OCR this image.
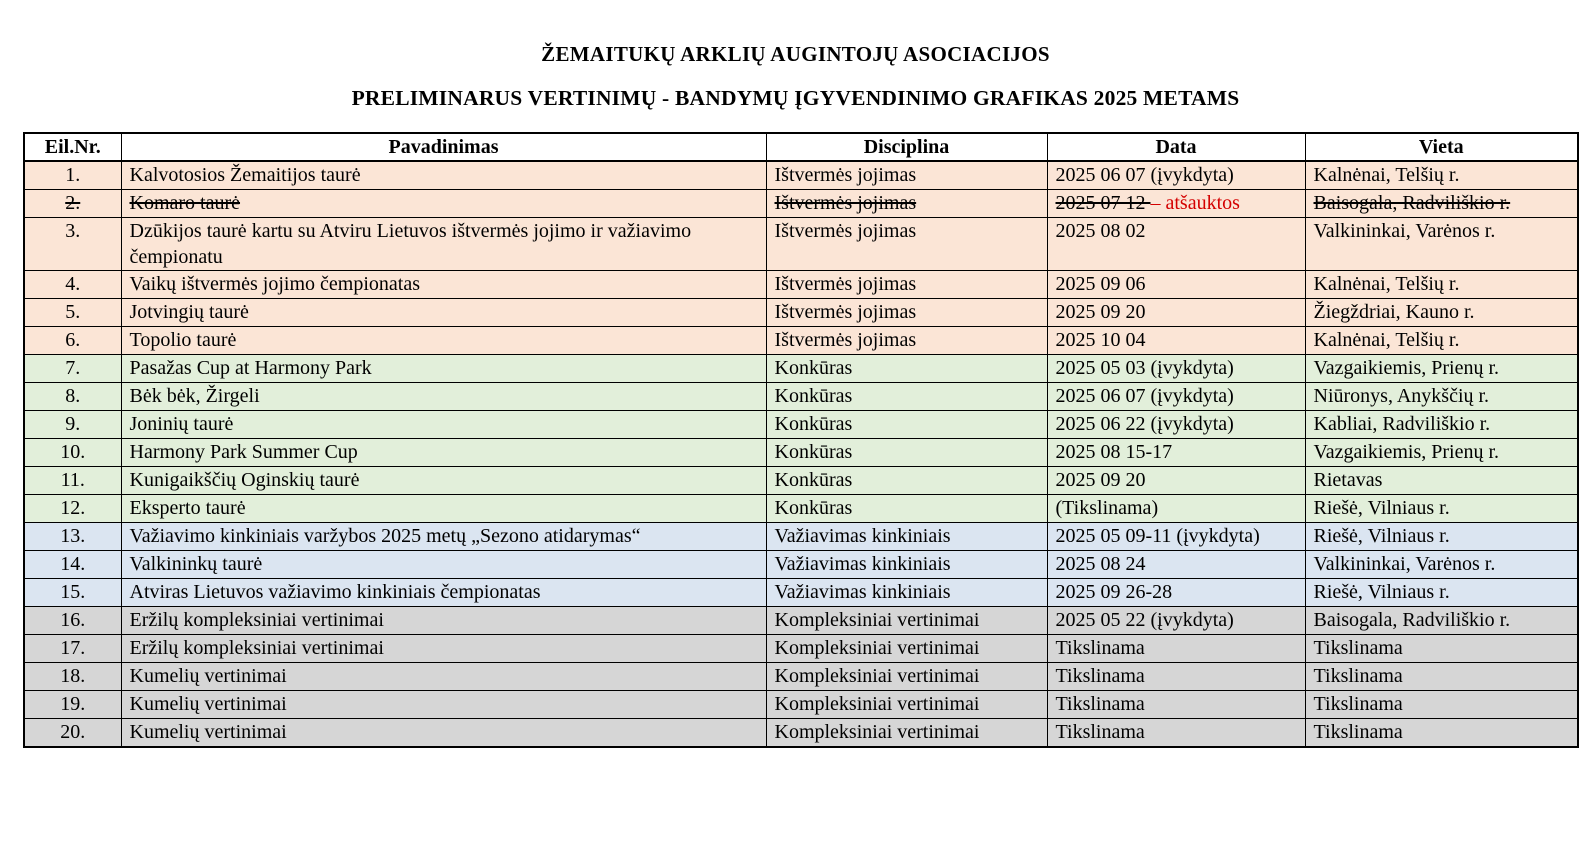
ŽEMAITUKŲ ARKLIŲ AUGINTOJŲ ASOCIACIJOS
PRELIMINARUS VERTINIMŲ - BANDYMŲ ĮGYVENDINIMO GRAFIKAS 2025 METAMS
Eil.Nr.	Pavadinimas	Disciplina	Data	Vieta
1.	Kalvotosios Žemaitijos taurė	Ištvermės jojimas	2025 06 07 (įvykdyta)	Kalnėnai, Telšių r.
2.	Komaro taurė	Ištvermės jojimas	2025 07 12 – atšauktos	Baisogala, Radviliškio r.
3.	Dzūkijos taurė kartu su Atviru Lietuvos ištvermės jojimo ir važiavimo čempionatu	Ištvermės jojimas	2025 08 02	Valkininkai, Varėnos r.
4.	Vaikų ištvermės jojimo čempionatas	Ištvermės jojimas	2025 09 06	Kalnėnai, Telšių r.
5.	Jotvingių taurė	Ištvermės jojimas	2025 09 20	Žiegždriai, Kauno r.
6.	Topolio taurė	Ištvermės jojimas	2025 10 04	Kalnėnai, Telšių r.
7.	Pasažas Cup at Harmony Park	Konkūras	2025 05 03 (įvykdyta)	Vazgaikiemis, Prienų r.
8.	Bėk bėk, Žirgeli	Konkūras	2025 06 07 (įvykdyta)	Niūronys, Anykščių r.
9.	Joninių taurė	Konkūras	2025 06 22 (įvykdyta)	Kabliai, Radviliškio r.
10.	Harmony Park Summer Cup	Konkūras	2025 08 15-17	Vazgaikiemis, Prienų r.
11.	Kunigaikščių Oginskių taurė	Konkūras	2025 09 20	Rietavas
12.	Eksperto taurė	Konkūras	(Tikslinama)	Riešė, Vilniaus r.
13.	Važiavimo kinkiniais varžybos 2025 metų „Sezono atidarymas“	Važiavimas kinkiniais	2025 05 09-11 (įvykdyta)	Riešė, Vilniaus r.
14.	Valkininkų taurė	Važiavimas kinkiniais	2025 08 24	Valkininkai, Varėnos r.
15.	Atviras Lietuvos važiavimo kinkiniais čempionatas	Važiavimas kinkiniais	2025 09 26-28	Riešė, Vilniaus r.
16.	Eržilų kompleksiniai vertinimai	Kompleksiniai vertinimai	2025 05 22 (įvykdyta)	Baisogala, Radviliškio r.
17.	Eržilų kompleksiniai vertinimai	Kompleksiniai vertinimai	Tikslinama	Tikslinama
18.	Kumelių vertinimai	Kompleksiniai vertinimai	Tikslinama	Tikslinama
19.	Kumelių vertinimai	Kompleksiniai vertinimai	Tikslinama	Tikslinama
20.	Kumelių vertinimai	Kompleksiniai vertinimai	Tikslinama	Tikslinama
